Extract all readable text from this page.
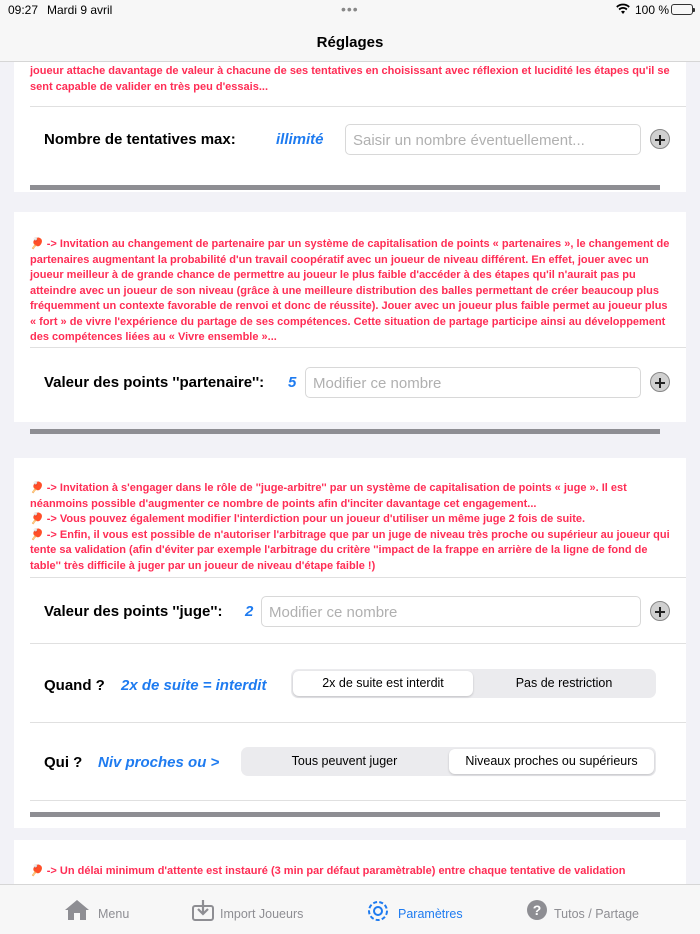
09:27 Mardi 9 avril	•••	100 %
Réglages
joueur attache davantage de valeur à chacune de ses tentatives en choisissant avec réflexion et lucidité les étapes qu'il se sent capable de valider en très peu d'essais...
Nombre de tentatives max:	illimité	Saisir un nombre éventuellement...
🏓 -> Invitation au changement de partenaire par un système de capitalisation de points « partenaires », le changement de partenaires augmentant la probabilité d'un travail coopératif avec un joueur de niveau différent. En effet, jouer avec un joueur meilleur à de grande chance de permettre au joueur le plus faible d'accéder à des étapes qu'il n'aurait pas pu atteindre avec un joueur de son niveau (grâce à une meilleure distribution des balles permettant de créer beaucoup plus fréquemment un contexte favorable de renvoi et donc de réussite). Jouer avec un joueur plus faible permet au joueur plus « fort » de vivre l'expérience du partage de ses compétences. Cette situation de partage participe ainsi au développement des compétences liées au « Vivre ensemble »...
Valeur des points ''partenaire'': 5	Modifier ce nombre
🏓 -> Invitation à s'engager dans le rôle de ''juge-arbitre'' par un système de capitalisation de points « juge ». Il est néanmoins possible d'augmenter ce nombre de points afin d'inciter davantage cet engagement...
🏓 -> Vous pouvez également modifier l'interdiction pour un joueur d'utiliser un même juge 2 fois de suite.
🏓 -> Enfin, il vous est possible de n'autoriser l'arbitrage que par un juge de niveau très proche ou supérieur au joueur qui tente sa validation (afin d'éviter par exemple l'arbitrage du critère ''impact de la frappe en arrière de la ligne de fond de table'' très difficile à juger par un joueur de niveau d'étape faible !)
Valeur des points ''juge'': 2	Modifier ce nombre
Quand ? 2x de suite = interdit	2x de suite est interdit	Pas de restriction
Qui ? Niv proches ou >	Tous peuvent juger	Niveaux proches ou supérieurs
🏓 -> Un délai minimum d'attente est instauré (3 min par défaut paramètrable) entre chaque tentative de validation
Menu	Import Joueurs	Paramètres	? Tutos / Partage
